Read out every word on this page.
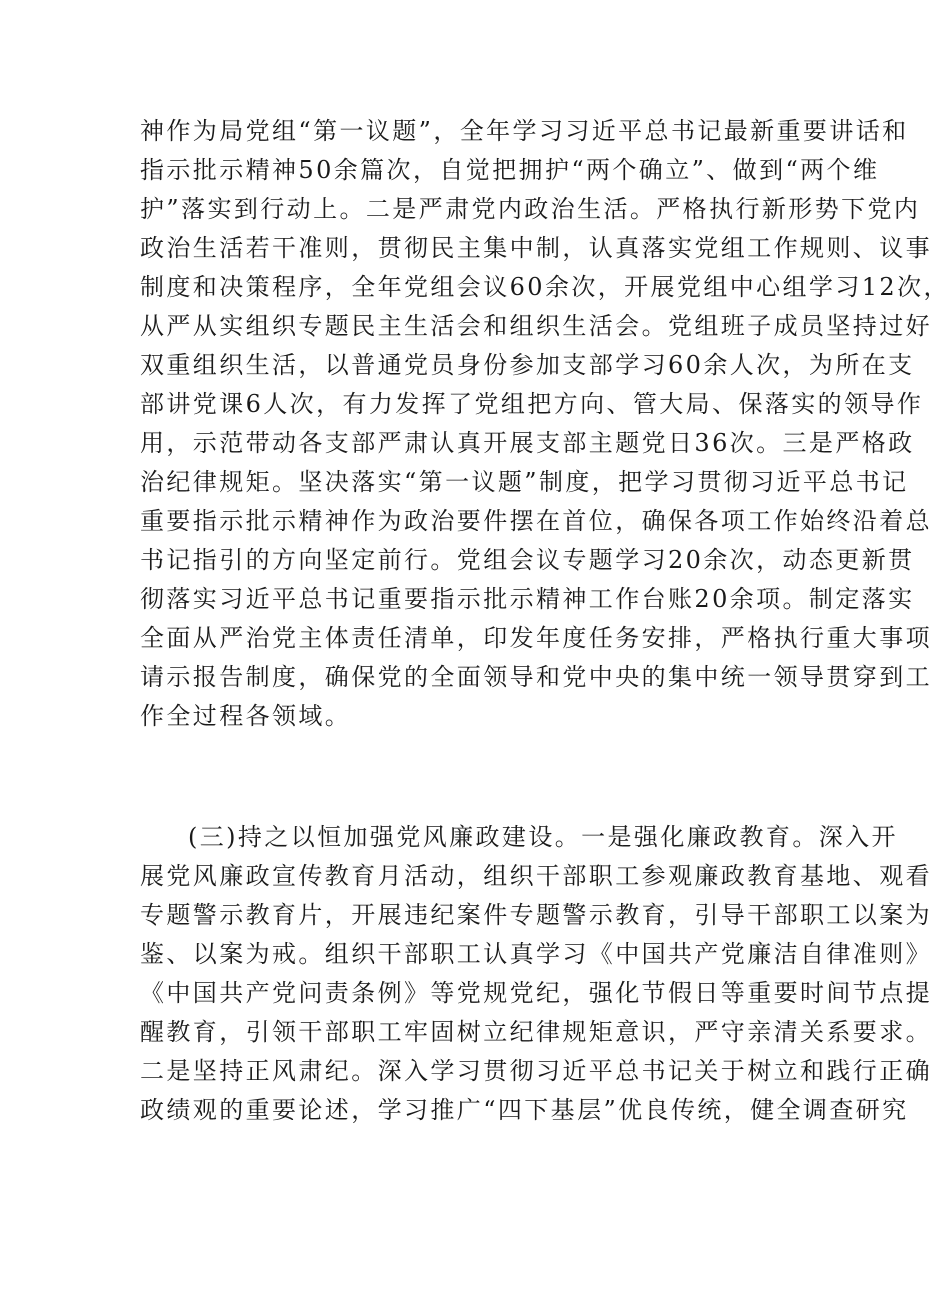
神作为局党组“第一议题”，全年学习习近平总书记最新重要讲话和
指示批示精神50余篇次，自觉把拥护“两个确立”、做到“两个维
护”落实到行动上。二是严肃党内政治生活。严格执行新形势下党内
政治生活若干准则，贯彻民主集中制，认真落实党组工作规则、议事
制度和决策程序，全年党组会议60余次，开展党组中心组学习12次，
从严从实组织专题民主生活会和组织生活会。党组班子成员坚持过好
双重组织生活，以普通党员身份参加支部学习60余人次，为所在支
部讲党课6人次，有力发挥了党组把方向、管大局、保落实的领导作
用，示范带动各支部严肃认真开展支部主题党日36次。三是严格政
治纪律规矩。坚决落实“第一议题”制度，把学习贯彻习近平总书记
重要指示批示精神作为政治要件摆在首位，确保各项工作始终沿着总
书记指引的方向坚定前行。党组会议专题学习20余次，动态更新贯
彻落实习近平总书记重要指示批示精神工作台账20余项。制定落实
全面从严治党主体责任清单，印发年度任务安排，严格执行重大事项
请示报告制度，确保党的全面领导和党中央的集中统一领导贯穿到工
作全过程各领域。
(三)持之以恒加强党风廉政建设。一是强化廉政教育。深入开
展党风廉政宣传教育月活动，组织干部职工参观廉政教育基地、观看
专题警示教育片，开展违纪案件专题警示教育，引导干部职工以案为
鉴、以案为戒。组织干部职工认真学习《中国共产党廉洁自律准则》
《中国共产党问责条例》等党规党纪，强化节假日等重要时间节点提
醒教育，引领干部职工牢固树立纪律规矩意识，严守亲清关系要求。
二是坚持正风肃纪。深入学习贯彻习近平总书记关于树立和践行正确
政绩观的重要论述，学习推广“四下基层”优良传统，健全调查研究
